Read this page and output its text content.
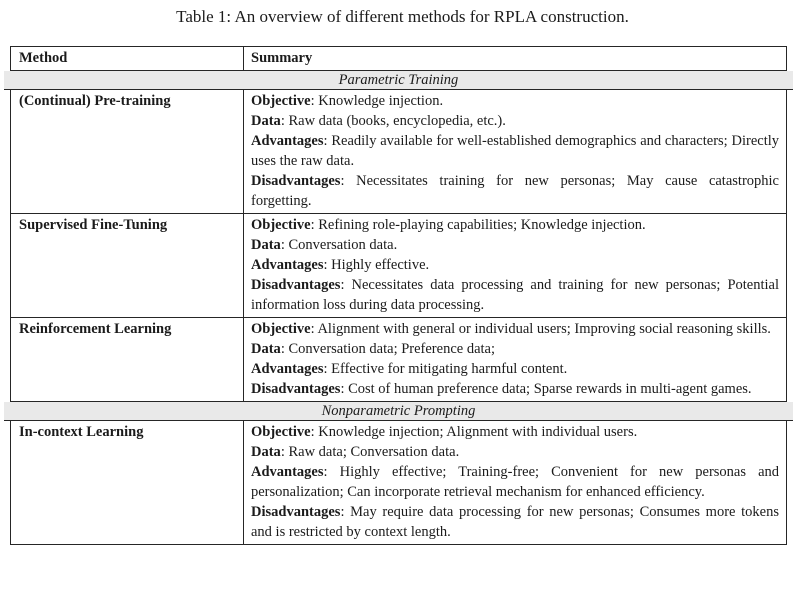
Table 1: An overview of different methods for RPLA construction.
Method	Summary
Parametric Training
(Continual) Pre-training	Objective: Knowledge injection.

Data: Raw data (books, encyclopedia, etc.).

Advantages: Readily available for well-established demographics and characters; Directly uses the raw data.

Disadvantages: Necessitates training for new personas; May cause catastrophic forgetting.

Supervised Fine-Tuning	Objective: Refining role-playing capabilities; Knowledge injection.

Data: Conversation data.

Advantages: Highly effective.

Disadvantages: Necessitates data processing and training for new personas; Potential information loss during data processing.

Reinforcement Learning	Objective: Alignment with general or individual users; Improving social reasoning skills.

Data: Conversation data; Preference data;

Advantages: Effective for mitigating harmful content.

Disadvantages: Cost of human preference data; Sparse rewards in multi-agent games.

Nonparametric Prompting
In-context Learning	Objective: Knowledge injection; Alignment with individual users.

Data: Raw data; Conversation data.

Advantages: Highly effective; Training-free; Convenient for new personas and personalization; Can incorporate retrieval mechanism for enhanced efficiency.

Disadvantages: May require data processing for new personas; Consumes more tokens and is restricted by context length.
